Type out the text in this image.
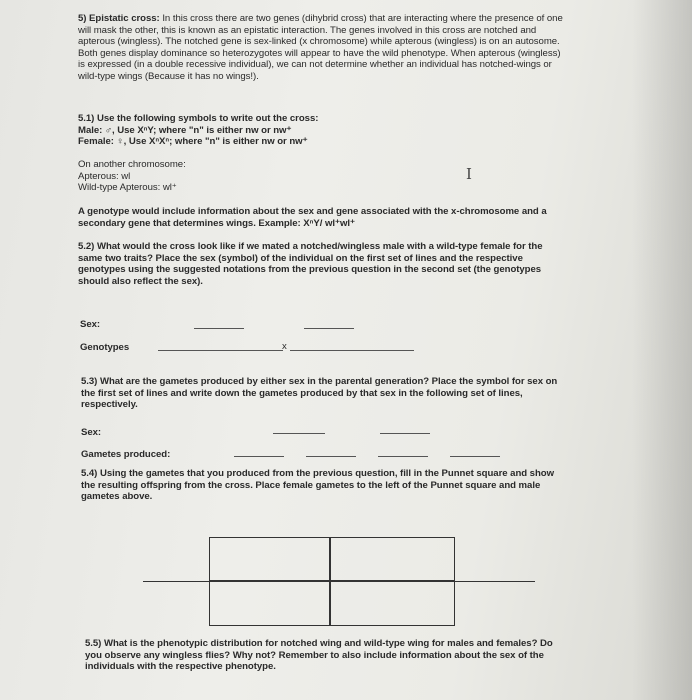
5) Epistatic cross: In this cross there are two genes (dihybrid cross) that are interacting where the presence of one will mask the other, this is known as an epistatic interaction. The genes involved in this cross are notched and apterous (wingless). The notched gene is sex-linked (x chromosome) while apterous (wingless) is on an autosome. Both genes display dominance so heterozygotes will appear to have the wild phenotype. When apterous (wingless) is expressed (in a double recessive individual), we can not determine whether an individual has notched-wings or wild-type wings (Because it has no wings!).
5.1) Use the following symbols to write out the cross:
Male: ♂, Use XⁿY; where "n" is either nw or nw⁺
Female: ♀, Use XⁿXⁿ; where "n" is either nw or nw⁺
On another chromosome:
Apterous: wl
Wild-type Apterous: wl⁺
I
A genotype would include information about the sex and gene associated with the x-chromosome and a secondary gene that determines wings. Example: XⁿY/ wl⁺wl⁺
5.2) What would the cross look like if we mated a notched/wingless male with a wild-type female for the same two traits? Place the sex (symbol) of the individual on the first set of lines and the respective genotypes using the suggested notations from the previous question in the second set (the genotypes should also reflect the sex).
Sex:
Genotypes	x
5.3) What are the gametes produced by either sex in the parental generation? Place the symbol for sex on the first set of lines and write down the gametes produced by that sex in the following set of lines, respectively.
Sex:
Gametes produced:
5.4) Using the gametes that you produced from the previous question, fill in the Punnet square and show the resulting offspring from the cross. Place female gametes to the left of the Punnet square and male gametes above.
5.5) What is the phenotypic distribution for notched wing and wild-type wing for males and females? Do you observe any wingless flies? Why not? Remember to also include information about the sex of the individuals with the respective phenotype.
